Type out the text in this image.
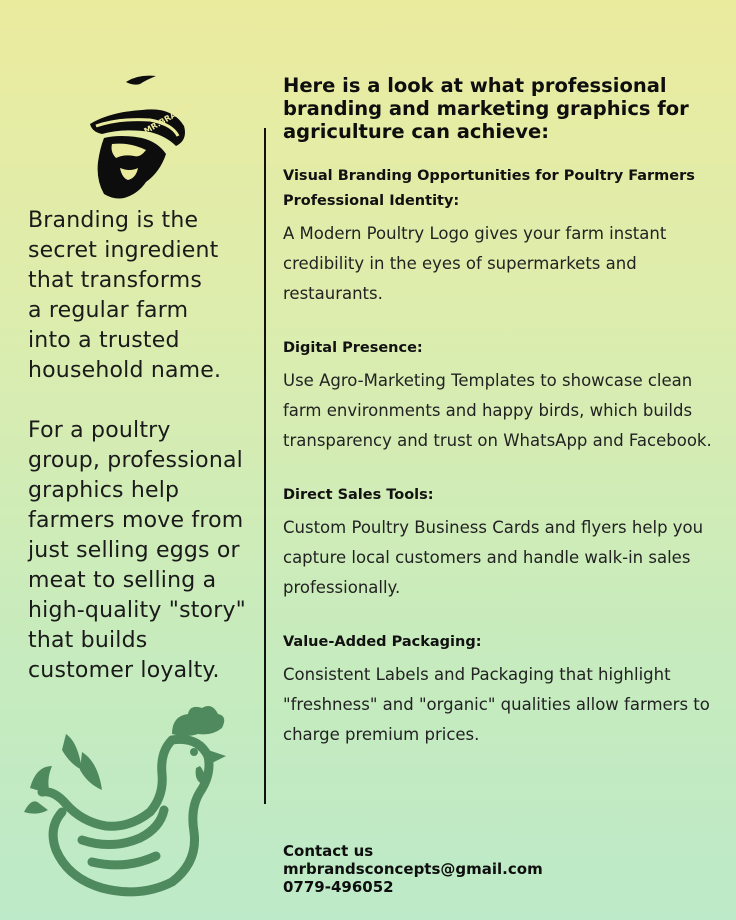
MR.BRANDS

Branding is the
secret ingredient
that transforms
a regular farm
into a trusted
household name.

For a poultry
group, professional
graphics help
farmers move from
just selling eggs or
meat to selling a
high-quality "story"
that builds
customer loyalty.

Here is a look at what professional branding and marketing graphics for agriculture can achieve:
Visual Branding Opportunities for Poultry Farmers
Professional Identity:
A Modern Poultry Logo gives your farm instant credibility in the eyes of supermarkets and restaurants.
Digital Presence:
Use Agro-Marketing Templates to showcase clean farm environments and happy birds, which builds transparency and trust on WhatsApp and Facebook.
Direct Sales Tools:
Custom Poultry Business Cards and flyers help you capture local customers and handle walk-in sales professionally.
Value-Added Packaging:
Consistent Labels and Packaging that highlight "freshness" and "organic" qualities allow farmers to charge premium prices.
Contact us
mrbrandsconcepts@gmail.com
0779-496052
